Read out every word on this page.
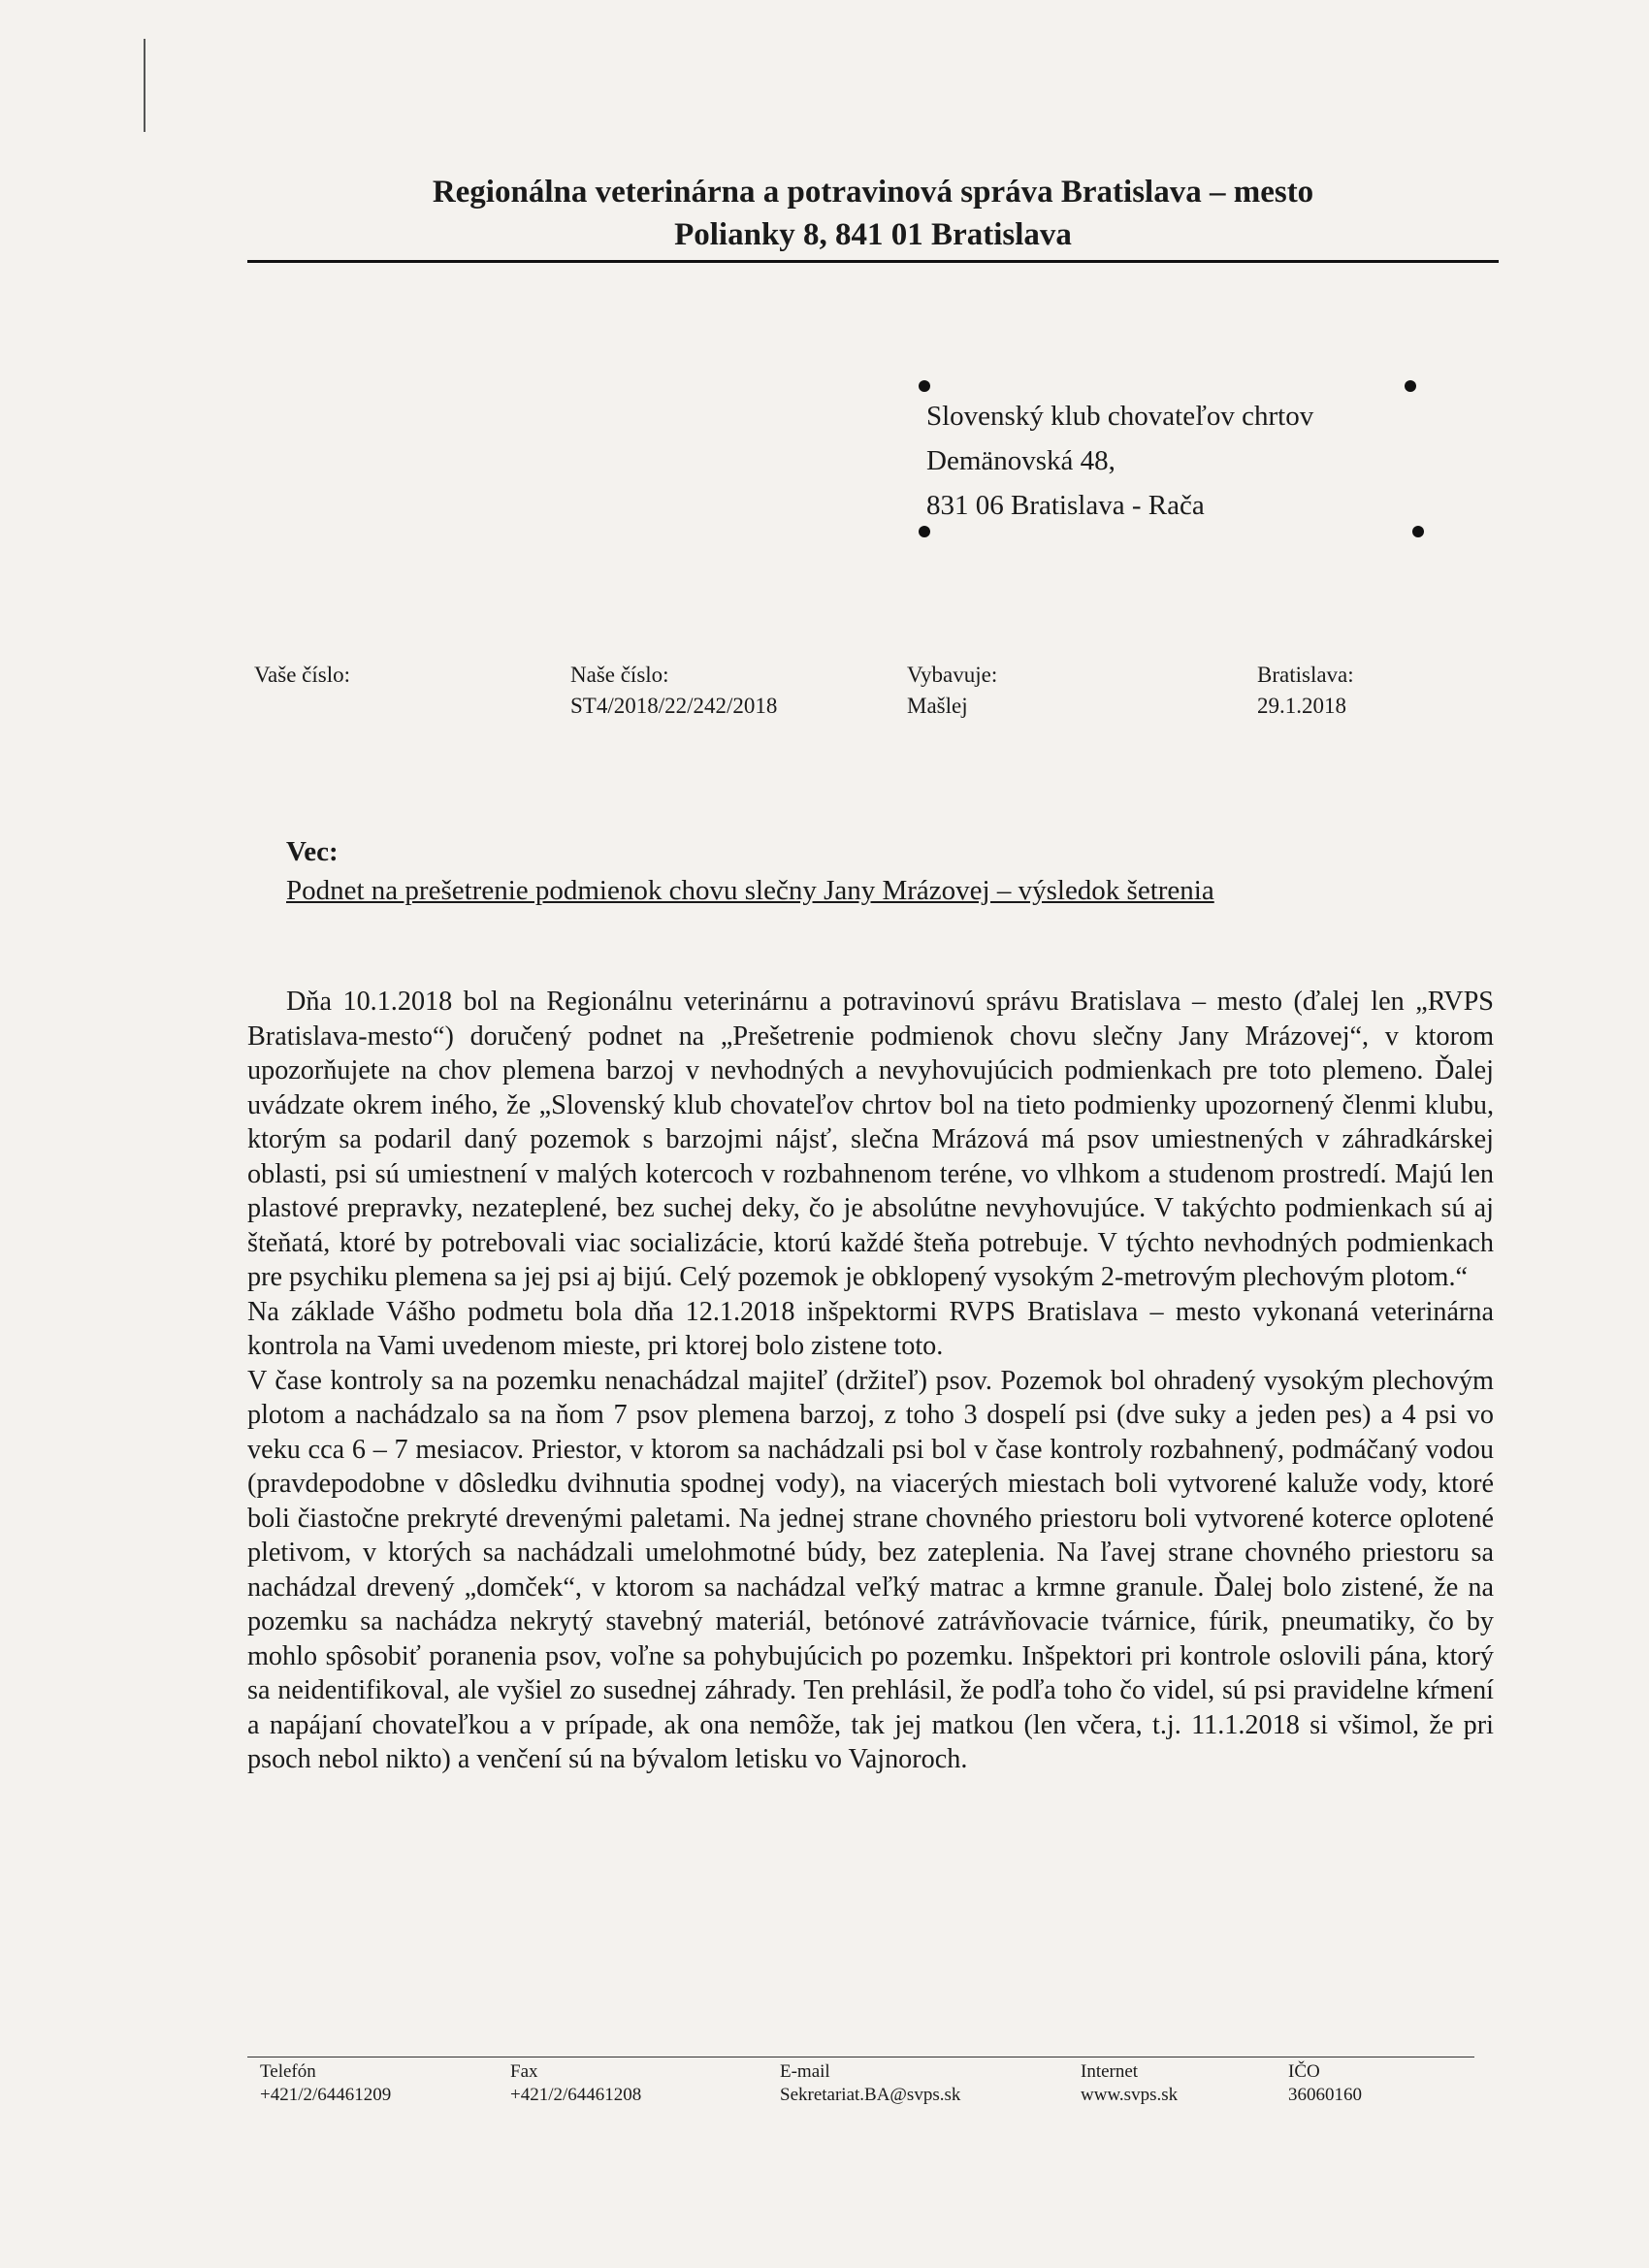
Regionálna veterinárna a potravinová správa Bratislava – mesto
Polianky 8, 841 01 Bratislava
Slovenský klub chovateľov chrtov
Demänovská 48,
831 06 Bratislava - Rača
Vaše číslo:	Naše číslo:
ST4/2018/22/242/2018
Vybavuje:
Mašlej
Bratislava:
29.1.2018
Vec:
Podnet na prešetrenie podmienok chovu slečny Jany Mrázovej – výsledok šetrenia

Dňa 10.1.2018 bol na Regionálnu veterinárnu a potravinovú správu Bratislava – mesto (ďalej len „RVPS Bratislava-mesto“) doručený podnet na „Prešetrenie podmienok chovu slečny Jany Mrázovej“, v ktorom upozorňujete na chov plemena barzoj v nevhodných a nevyhovujúcich podmienkach pre toto plemeno. Ďalej uvádzate okrem iného, že „Slovenský klub chovateľov chrtov bol na tieto podmienky upozornený členmi klubu, ktorým sa podaril daný pozemok s barzojmi nájsť, slečna Mrázová má psov umiestnených v záhradkárskej oblasti, psi sú umiestnení v malých kotercoch v rozbahnenom teréne, vo vlhkom a studenom prostredí. Majú len plastové prepravky, nezateplené, bez suchej deky, čo je absolútne nevyhovujúce. V takýchto podmienkach sú aj šteňatá, ktoré by potrebovali viac socializácie, ktorú každé šteňa potrebuje. V týchto nevhodných podmienkach pre psychiku plemena sa jej psi aj bijú. Celý pozemok je obklopený vysokým 2-metrovým plechovým plotom.“

Na základe Vášho podmetu bola dňa 12.1.2018 inšpektormi RVPS Bratislava – mesto vykonaná veterinárna kontrola na Vami uvedenom mieste, pri ktorej bolo zistene toto.

V čase kontroly sa na pozemku nenachádzal majiteľ (držiteľ) psov. Pozemok bol ohradený vysokým plechovým plotom a nachádzalo sa na ňom 7 psov plemena barzoj, z toho 3 dospelí psi (dve suky a jeden pes) a 4 psi vo veku cca 6 – 7 mesiacov. Priestor, v ktorom sa nachádzali psi bol v čase kontroly rozbahnený, podmáčaný vodou (pravdepodobne v dôsledku dvihnutia spodnej vody), na viacerých miestach boli vytvorené kaluže vody, ktoré boli čiastočne prekryté drevenými paletami. Na jednej strane chovného priestoru boli vytvorené koterce oplotené pletivom, v ktorých sa nachádzali umelohmotné búdy, bez zateplenia. Na ľavej strane chovného priestoru sa nachádzal drevený „domček“, v ktorom sa nachádzal veľký matrac a krmne granule. Ďalej bolo zistené, že na pozemku sa nachádza nekrytý stavebný materiál, betónové zatrávňovacie tvárnice, fúrik, pneumatiky, čo by mohlo spôsobiť poranenia psov, voľne sa pohybujúcich po pozemku. Inšpektori pri kontrole oslovili pána, ktorý sa neidentifikoval, ale vyšiel zo susednej záhrady. Ten prehlásil, že podľa toho čo videl, sú psi pravidelne kŕmení a napájaní chovateľkou a v prípade, ak ona nemôže, tak jej matkou (len včera, t.j. 11.1.2018 si všimol, že pri psoch nebol nikto) a venčení sú na bývalom letisku vo Vajnoroch.

Telefón
+421/2/64461209
Fax
+421/2/64461208
E-mail
Sekretariat.BA@svps.sk
Internet
www.svps.sk
IČO
36060160
